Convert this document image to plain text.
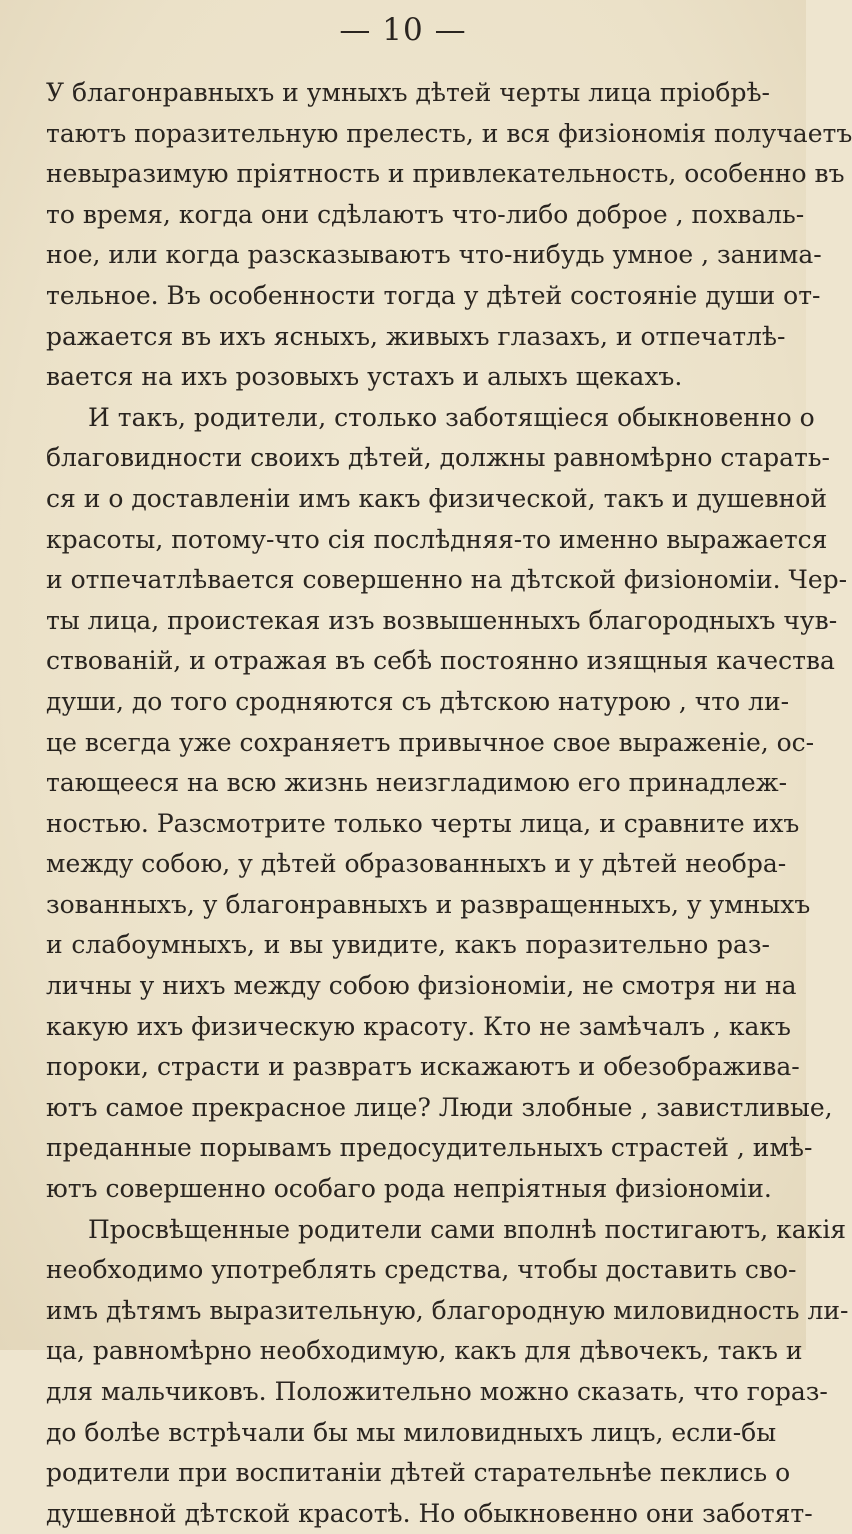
— 10 —
У благонравныхъ и умныхъ дѣтей черты лица пріобрѣ-
таютъ поразительную прелесть, и вся физіономія получаетъ
невыразимую пріятность и привлекательность, особенно въ
то время, когда они сдѣлаютъ что-либо доброе , похваль-
ное, или когда разсказываютъ что-нибудь умное , занима-
тельное. Въ особенности тогда у дѣтей состояніе души от-
ражается въ ихъ ясныхъ, живыхъ глазахъ, и отпечатлѣ-
вается на ихъ розовыхъ устахъ и алыхъ щекахъ.
И такъ, родители, столько заботящіеся обыкновенно о
благовидности своихъ дѣтей, должны равномѣрно старать-
ся и о доставленіи имъ какъ физической, такъ и душевной
красоты, потому-что сія послѣдняя-то именно выражается
и отпечатлѣвается совершенно на дѣтской физіономіи. Чер-
ты лица, проистекая изъ возвышенныхъ благородныхъ чув-
ствованій, и отражая въ себѣ постоянно изящныя качества
души, до того сродняются съ дѣтскою натурою , что ли-
це всегда уже сохраняетъ привычное свое выраженіе, ос-
тающееся на всю жизнь неизгладимою его принадлеж-
ностью. Разсмотрите только черты лица, и сравните ихъ
между собою, у дѣтей образованныхъ и у дѣтей необра-
зованныхъ, у благонравныхъ и развращенныхъ, у умныхъ
и слабоумныхъ, и вы увидите, какъ поразительно раз-
личны у нихъ между собою физіономіи, не смотря ни на
какую ихъ физическую красоту. Кто не замѣчалъ , какъ
пороки, страсти и развратъ искажаютъ и обезображива-
ютъ самое прекрасное лице? Люди злобные , завистливые,
преданные порывамъ предосудительныхъ страстей , имѣ-
ютъ совершенно особаго рода непріятныя физіономіи.
Просвѣщенные родители сами вполнѣ постигаютъ, какія
необходимо употреблять средства, чтобы доставить сво-
имъ дѣтямъ выразительную, благородную миловидность ли-
ца, равномѣрно необходимую, какъ для дѣвочекъ, такъ и
для мальчиковъ. Положительно можно сказать, что гораз-
до болѣе встрѣчали бы мы миловидныхъ лицъ, если-бы
родители при воспитаніи дѣтей старательнѣе пеклись о
душевной дѣтской красотѣ. Но обыкновенно они заботят-
